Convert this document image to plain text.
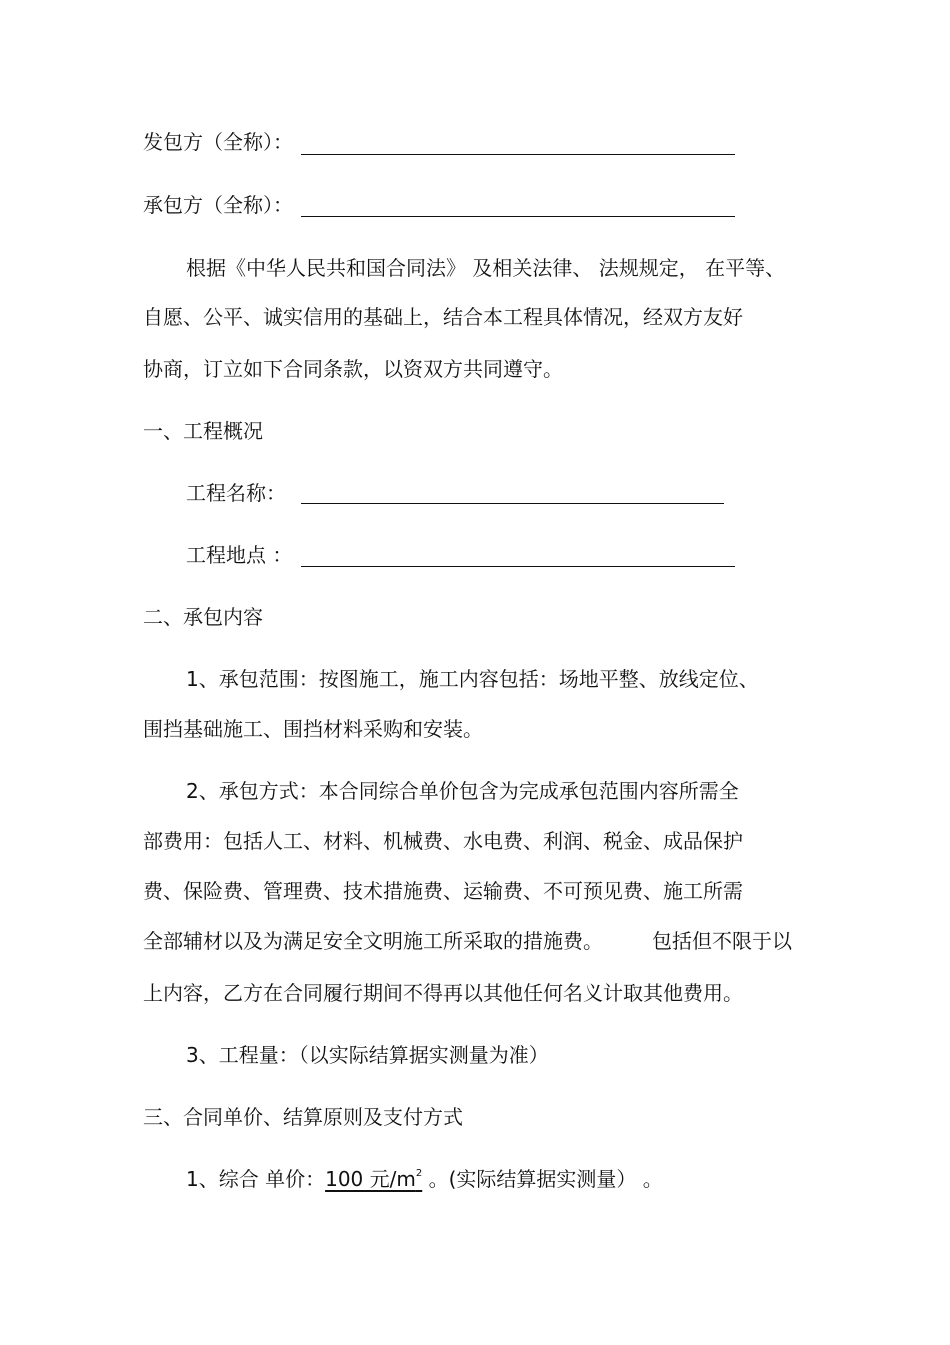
发包方（全称）：
承包方（全称）：
根据《中华人民共和国合同法》 及相关法律、 法规规定， 在平等、
自愿、公平、诚实信用的基础上，结合本工程具体情况，经双方友好
协商，订立如下合同条款，以资双方共同遵守。
一、工程概况
工程名称：
工程地点 ：
二、承包内容
1、承包范围：按图施工，施工内容包括：场地平整、放线定位、
围挡基础施工、围挡材料采购和安装。
2、承包方式：本合同综合单价包含为完成承包范围内容所需全
部费用：包括人工、材料、机械费、水电费、利润、税金、成品保护
费、保险费、管理费、技术措施费、运输费、不可预见费、施工所需
全部辅材以及为满足安全文明施工所采取的措施费。 包括但不限于以
上内容，乙方在合同履行期间不得再以其他任何名义计取其他费用。
3、工程量：（以实际结算据实测量为准）
三、合同单价、结算原则及支付方式
1、综合 单价：100 元$/m^2$ 。(实际结算据实测量） 。
